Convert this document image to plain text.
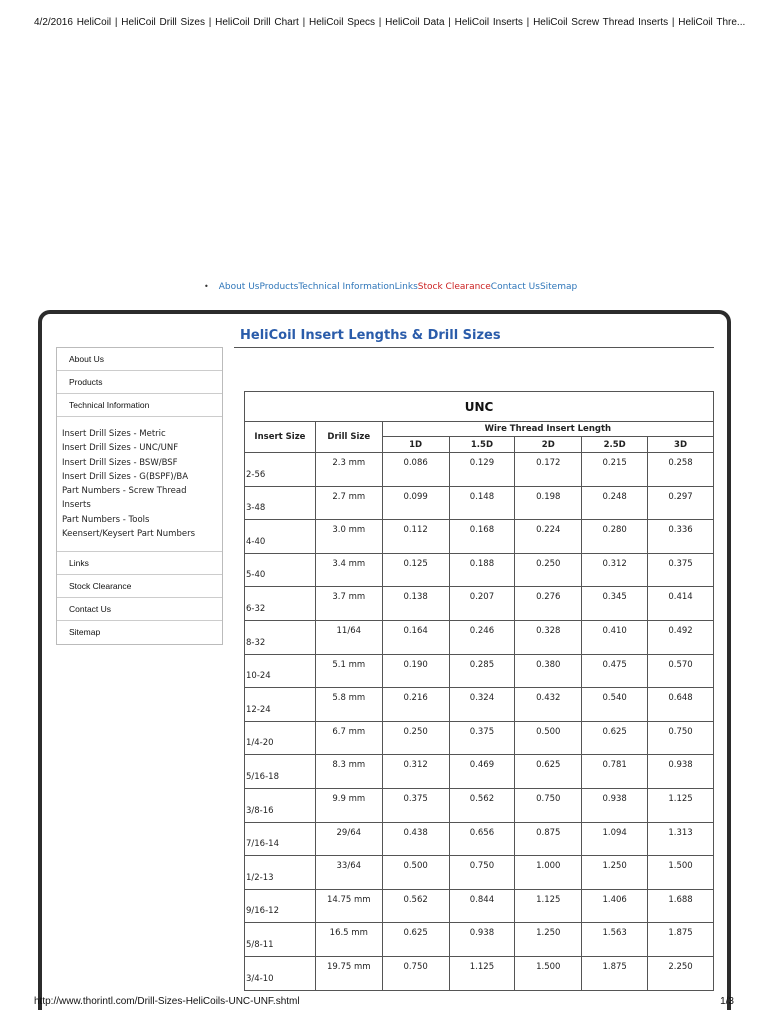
4/2/2016 HeliCoil | HeliCoil Drill Sizes | HeliCoil Drill Chart | HeliCoil Specs | HeliCoil Data | HeliCoil Inserts | HeliCoil Screw Thread Inserts | HeliCoil Thre...
• About UsProductsTechnical InformationLinksStock ClearanceContact UsSitemap
HeliCoil Insert Lengths & Drill Sizes
About Us
Products
Technical Information
Insert Drill Sizes - Metric
Insert Drill Sizes - UNC/UNF
Insert Drill Sizes - BSW/BSF
Insert Drill Sizes - G(BSPF)/BA
Part Numbers - Screw Thread Inserts
Part Numbers - Tools
Keensert/Keysert Part Numbers
Links
Stock Clearance
Contact Us
Sitemap
UNC						
Insert Size	Drill Size	Wire Thread Insert Length				
		1D	1.5D	2D	2.5D	3D
2-56	2.3 mm	0.086	0.129	0.172	0.215	0.258
3-48	2.7 mm	0.099	0.148	0.198	0.248	0.297
4-40	3.0 mm	0.112	0.168	0.224	0.280	0.336
5-40	3.4 mm	0.125	0.188	0.250	0.312	0.375
6-32	3.7 mm	0.138	0.207	0.276	0.345	0.414
8-32	11/64	0.164	0.246	0.328	0.410	0.492
10-24	5.1 mm	0.190	0.285	0.380	0.475	0.570
12-24	5.8 mm	0.216	0.324	0.432	0.540	0.648
1/4-20	6.7 mm	0.250	0.375	0.500	0.625	0.750
5/16-18	8.3 mm	0.312	0.469	0.625	0.781	0.938
3/8-16	9.9 mm	0.375	0.562	0.750	0.938	1.125
7/16-14	29/64	0.438	0.656	0.875	1.094	1.313
1/2-13	33/64	0.500	0.750	1.000	1.250	1.500
9/16-12	14.75 mm	0.562	0.844	1.125	1.406	1.688
5/8-11	16.5 mm	0.625	0.938	1.250	1.563	1.875
3/4-10	19.75 mm	0.750	1.125	1.500	1.875	2.250
http://www.thorintl.com/Drill-Sizes-HeliCoils-UNC-UNF.shtml	1/3
